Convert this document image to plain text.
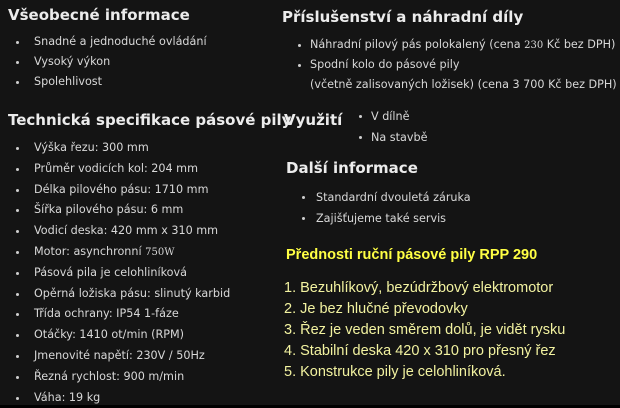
Všeobecné informace
Snadné a jednoduché ovládání
Vysoký výkon
Spolehlivost
Technická specifikace pásové pily
Výška řezu: 300 mm
Průměr vodicích kol: 204 mm
Délka pilového pásu: 1710 mm
Šířka pilového pásu: 6 mm
Vodicí deska: 420 mm x 310 mm
Motor: asynchronní 750W
Pásová pila je celohliníková
Opěrná ložiska pásu: slinutý karbid
Třída ochrany: IP54 1-fáze
Otáčky: 1410 ot/min (RPM)
Jmenovité napětí: 230V / 50Hz
Řezná rychlost: 900 m/min
Váha: 19 kg
Příslušenství a náhradní díly
Náhradní pilový pás polokalený (cena 230 Kč bez DPH)
Spodní kolo do pásové pily
(včetně zalisovaných ložisek) (cena 3 700 Kč bez DPH)
Využití	V dílně
Na stavbě
Další informace
Standardní dvouletá záruka
Zajišťujeme také servis
Přednosti ruční pásové pily RPP 290
1. Bezuhlíkový, bezúdržbový elektromotor
2. Je bez hlučné převodovky
3. Řez je veden směrem dolů, je vidět rysku
4. Stabilní deska 420 x 310 pro přesný řez
5. Konstrukce pily je celohliníková.
